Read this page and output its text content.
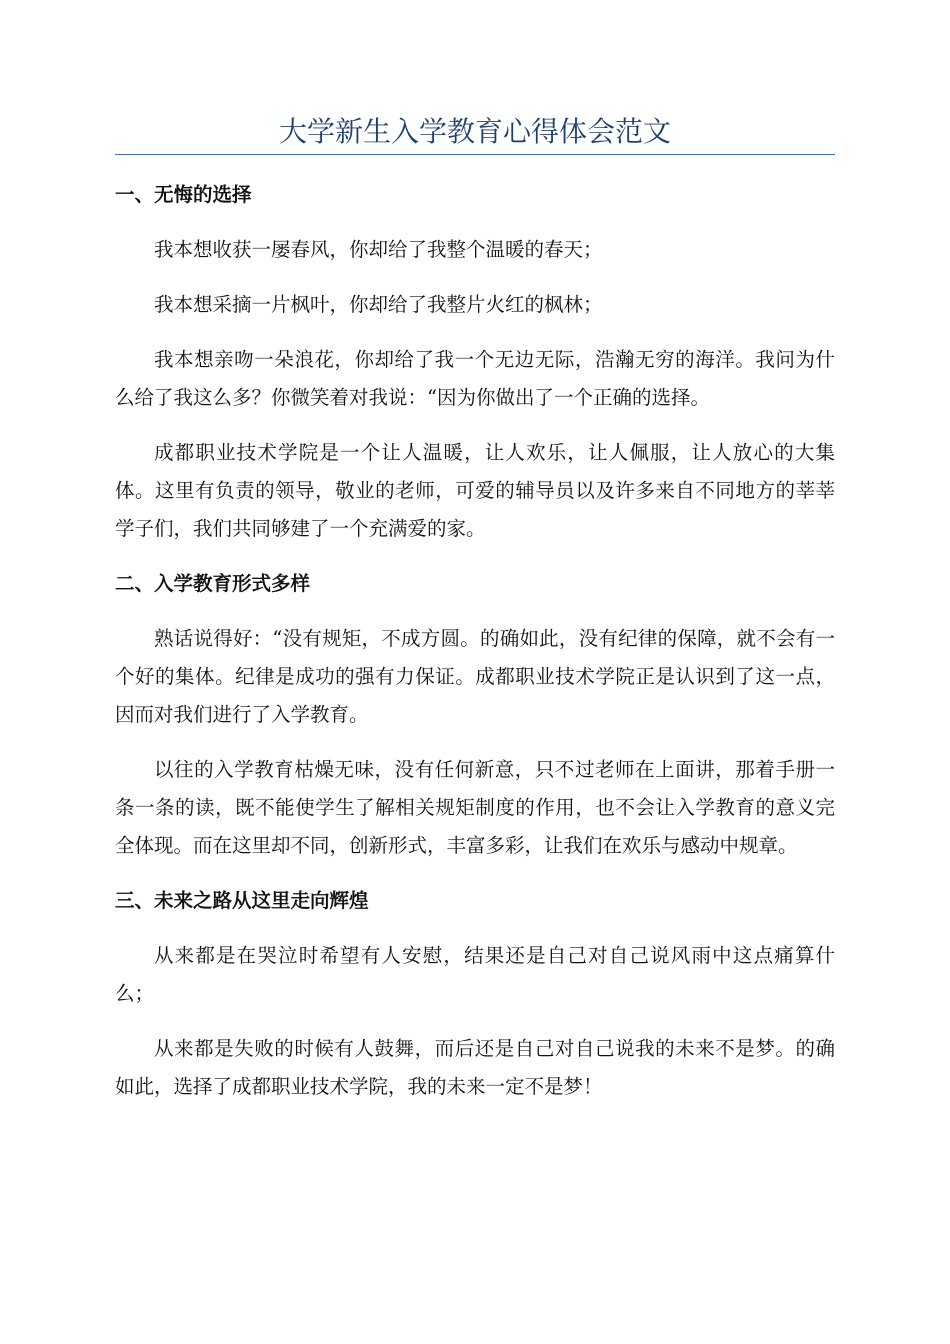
大学新生入学教育心得体会范文
一、无悔的选择

我本想收获一屡春风，你却给了我整个温暖的春天；

我本想采摘一片枫叶，你却给了我整片火红的枫林；

我本想亲吻一朵浪花，你却给了我一个无边无际，浩瀚无穷的海洋。我问为什么给了我这么多？你微笑着对我说：“因为你做出了一个正确的选择。

成都职业技术学院是一个让人温暖，让人欢乐，让人佩服，让人放心的大集体。这里有负责的领导，敬业的老师，可爱的辅导员以及许多来自不同地方的莘莘学子们，我们共同够建了一个充满爱的家。

二、入学教育形式多样

熟话说得好：“没有规矩，不成方圆。的确如此，没有纪律的保障，就不会有一个好的集体。纪律是成功的强有力保证。成都职业技术学院正是认识到了这一点，因而对我们进行了入学教育。

以往的入学教育枯燥无味，没有任何新意，只不过老师在上面讲，那着手册一条一条的读，既不能使学生了解相关规矩制度的作用，也不会让入学教育的意义完全体现。而在这里却不同，创新形式，丰富多彩，让我们在欢乐与感动中规章。

三、未来之路从这里走向辉煌

从来都是在哭泣时希望有人安慰，结果还是自己对自己说风雨中这点痛算什么；

从来都是失败的时候有人鼓舞，而后还是自己对自己说我的未来不是梦。的确如此，选择了成都职业技术学院，我的未来一定不是梦！
